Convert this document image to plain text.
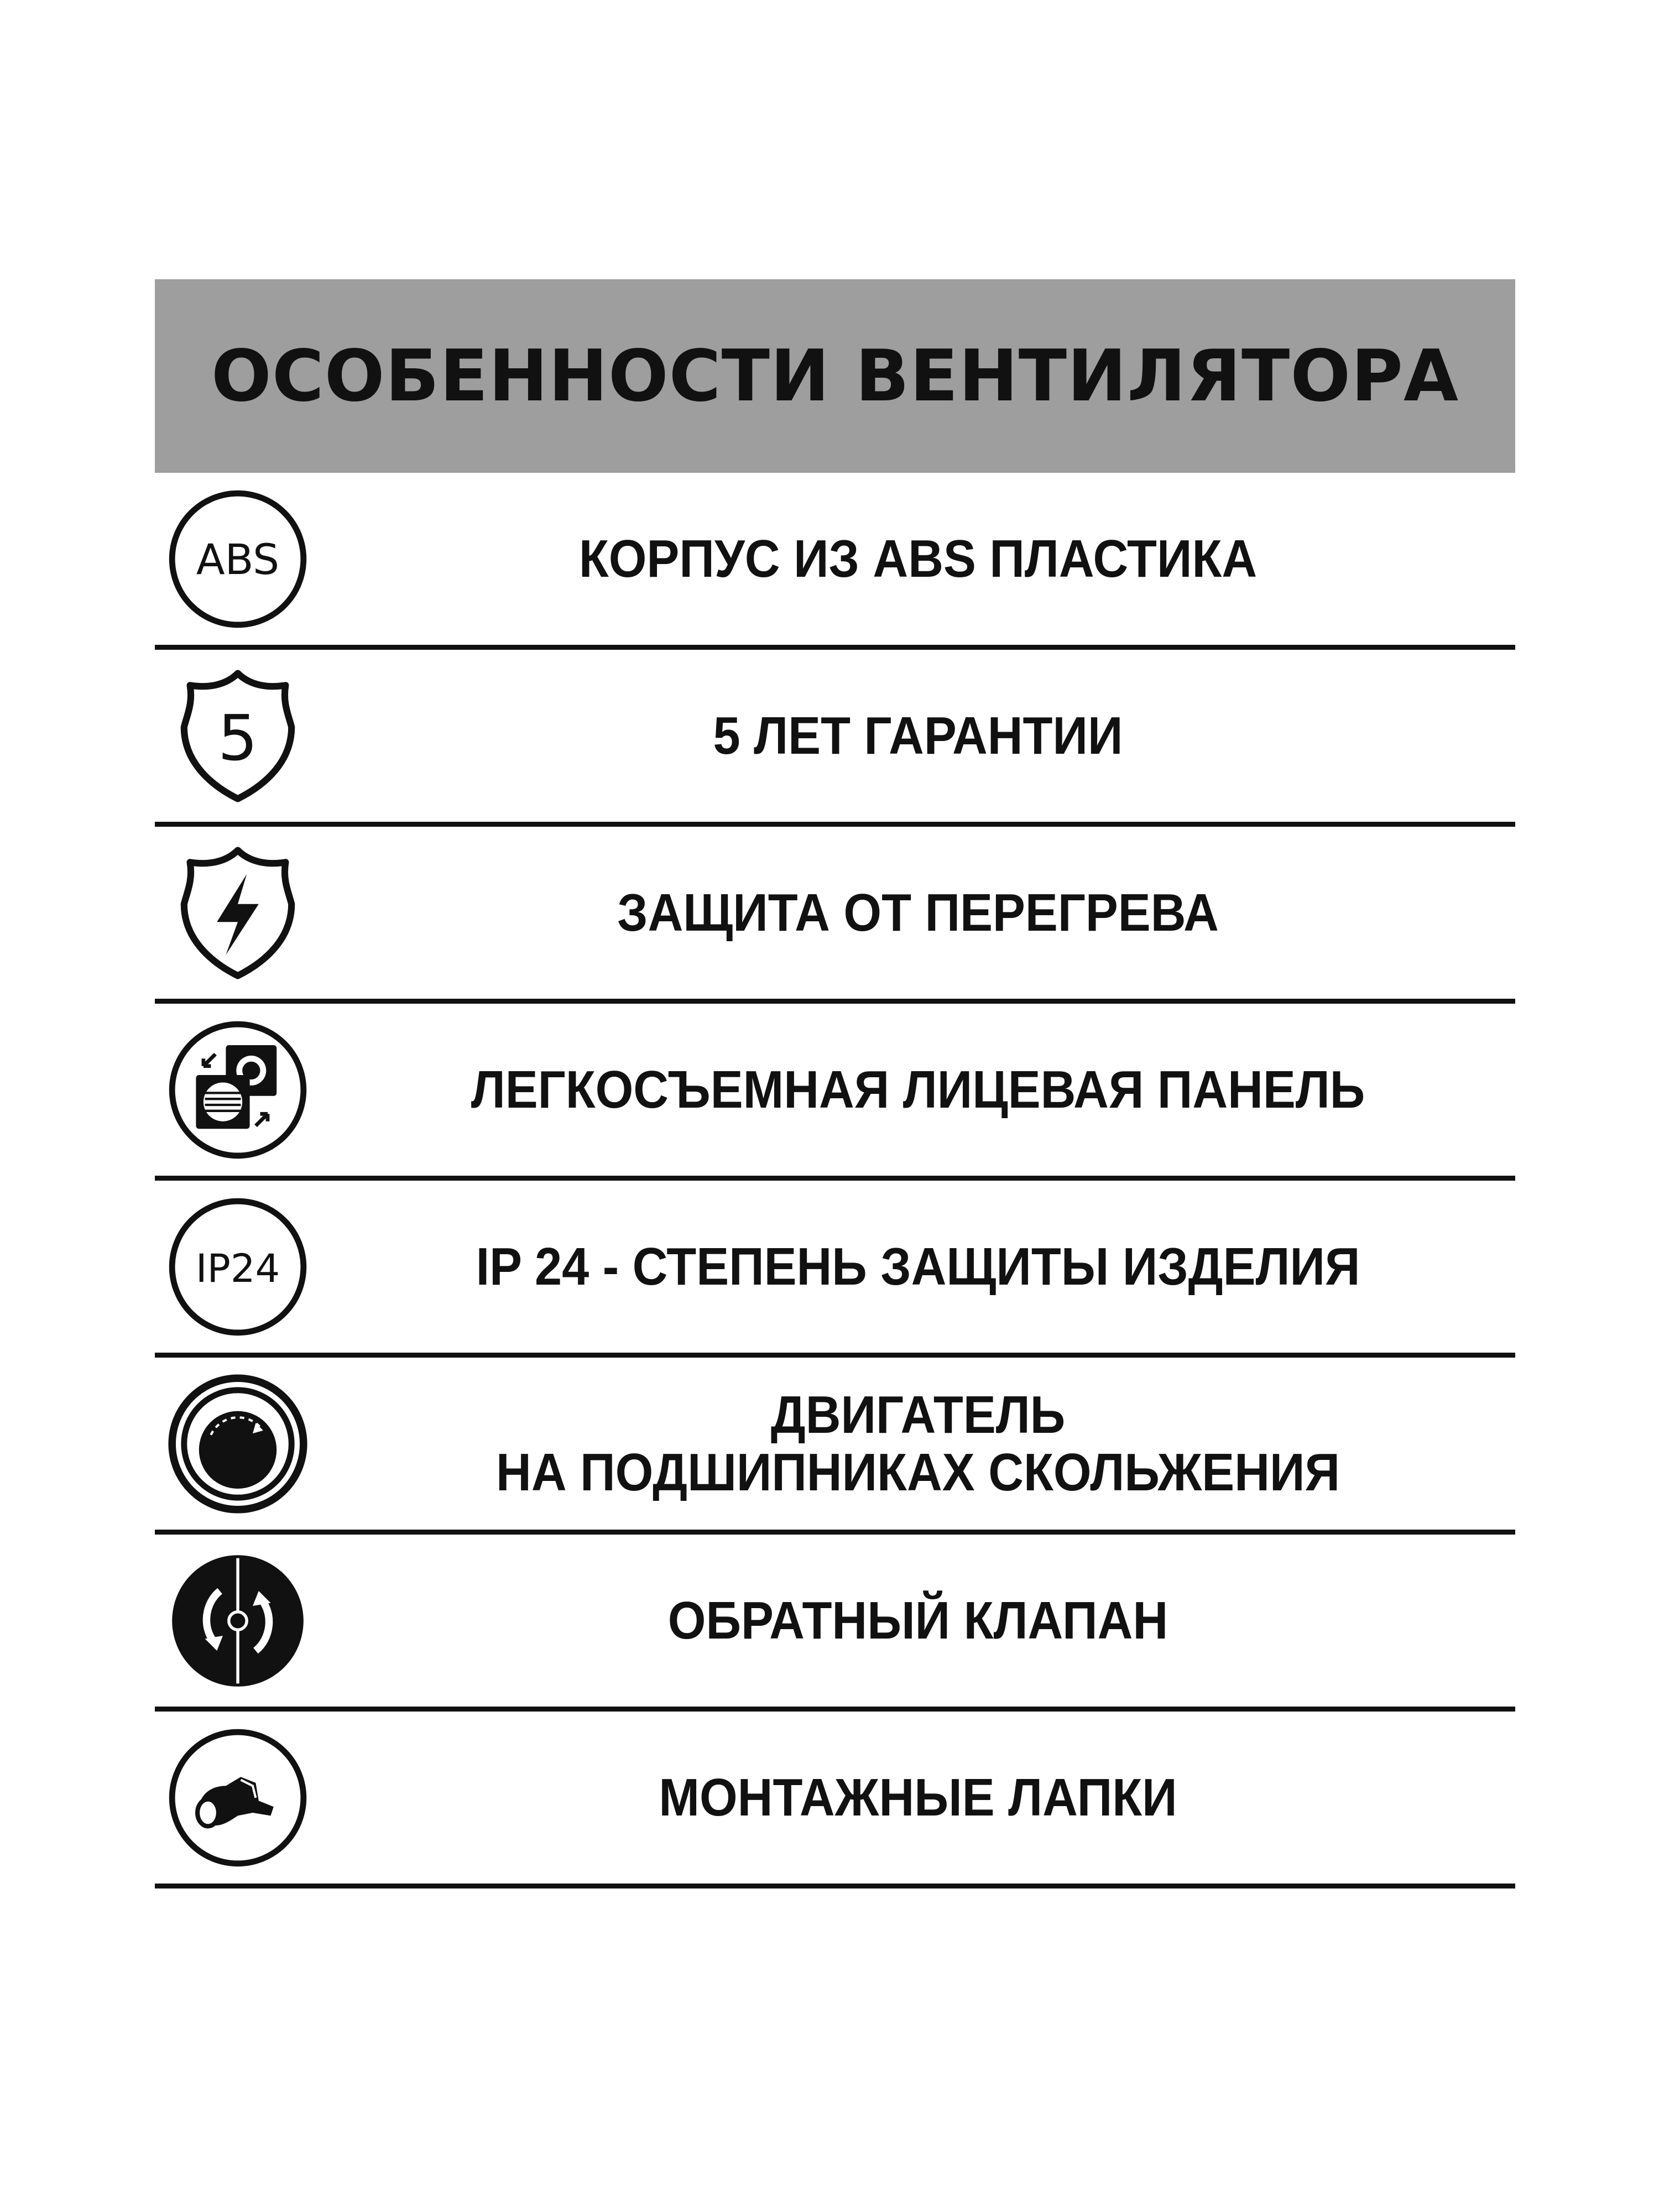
ОСОБЕННОСТИ ВЕНТИЛЯТОРА
ABS	КОРПУС ИЗ ABS ПЛАСТИКА
5	5 ЛЕТ ГАРАНТИИ
ЗАЩИТА ОТ ПЕРЕГРЕВА
ЛЕГКОСЪЕМНАЯ ЛИЦЕВАЯ ПАНЕЛЬ
IP24	IP 24 - СТЕПЕНЬ ЗАЩИТЫ ИЗДЕЛИЯ
ДВИГАТЕЛЬ
НА ПОДШИПНИКАХ СКОЛЬЖЕНИЯ
ОБРАТНЫЙ КЛАПАН
МОНТАЖНЫЕ ЛАПКИ
